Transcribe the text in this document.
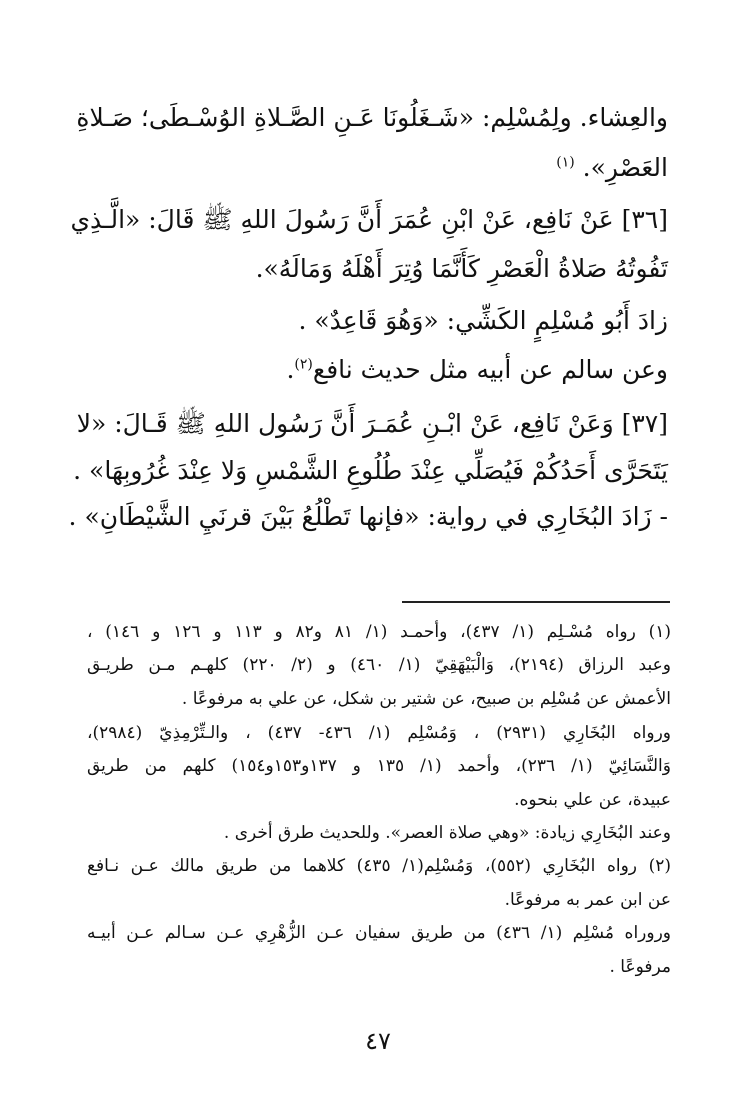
والعِشاء. ولِمُسْلِم: «شَـغَلُونَا عَـنِ الصَّـلاةِ الوُسْـطَى؛ صَـلاةِ
العَصْرِ». $^{(١)}$
[٣٦] عَنْ نَافِع، عَنْ ابْنِ عُمَرَ أَنَّ رَسُولَ اللهِ ﷺ قَالَ: «الَّـذِي
تَفُوتُهُ صَلاةُ الْعَصْرِ كَأَنَّمَا وُتِرَ أَهْلَهُ وَمَالَهُ».
زادَ أَبُو مُسْلِمٍ الكَشِّي: «وَهُوَ قَاعِدٌ» .
وعن سالم عن أبيه مثل حديث نافع$^{(٢)}$.
[٣٧] وَعَنْ نَافِع، عَنْ ابْـنِ عُمَـرَ أَنَّ رَسُول اللهِ ﷺ قَـالَ: «لا
يَتَحَرَّى أَحَدُكُمْ فَيُصَلِّي عِنْدَ طُلُوعِ الشَّمْسِ وَلا عِنْدَ غُرُوبِهَا» .
- زَادَ البُخَارِي في رواية: «فإنها تَطْلُعُ بَيْنَ قرنَيِ الشَّيْطَانِ» .
(١) رواه مُسْـلِم (١/ ٤٣٧)، وأحمـد (١/ ٨١ و٨٢ و ١١٣ و ١٢٦ و ١٤٦) ،
وعبد الرزاق (٢١٩٤)، وَالْبَيْهَقِيّ (١/ ٤٦٠) و (٢/ ٢٢٠) كلهـم مـن طريـق
الأعمش عن مُسْلِم بن صبيح، عن شتير بن شكل، عن علي به مرفوعًا .
ورواه البُخَارِي (٢٩٣١) ، وَمُسْلِم (١/ ٤٣٦- ٤٣٧) ، والـتِّرْمِذِيّ (٢٩٨٤)،
وَالنَّسَائِيّ (١/ ٢٣٦)، وأحمد (١/ ١٣٥ و ١٣٧و١٥٣و١٥٤) كلهم من طريق
عبيدة، عن علي بنحوه.
وعند البُخَارِي زيادة: «وهي صلاة العصر». وللحديث طرق أخرى .
(٢) رواه البُخَارِي (٥٥٢)، وَمُسْلِم(١/ ٤٣٥) كلاهما من طريق مالك عـن نـافع
عن ابن عمر به مرفوعًا.
وروراه مُسْلِم (١/ ٤٣٦) من طريق سفيان عـن الزُّهْرِي عـن سـالم عـن أبيـه
مرفوعًا .
٤٧
